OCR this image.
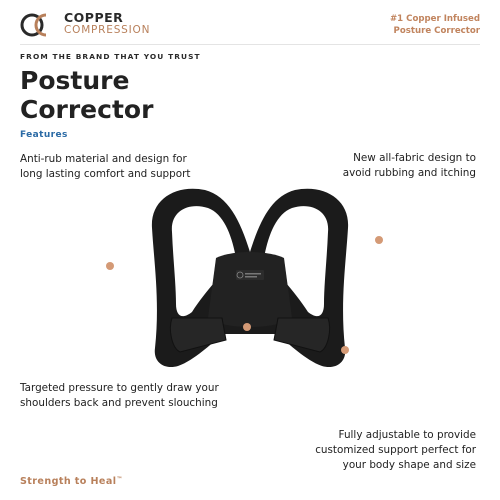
COPPER
COMPRESSION
#1 Copper Infused
Posture Corrector
FROM THE BRAND THAT YOU TRUST
Posture
Corrector
Features
Anti-rub material and design for
long lasting comfort and support
New all-fabric design to
avoid rubbing and itching
Targeted pressure to gently draw your
shoulders back and prevent slouching
Fully adjustable to provide
customized support perfect for
your body shape and size
Strength to Heal™
